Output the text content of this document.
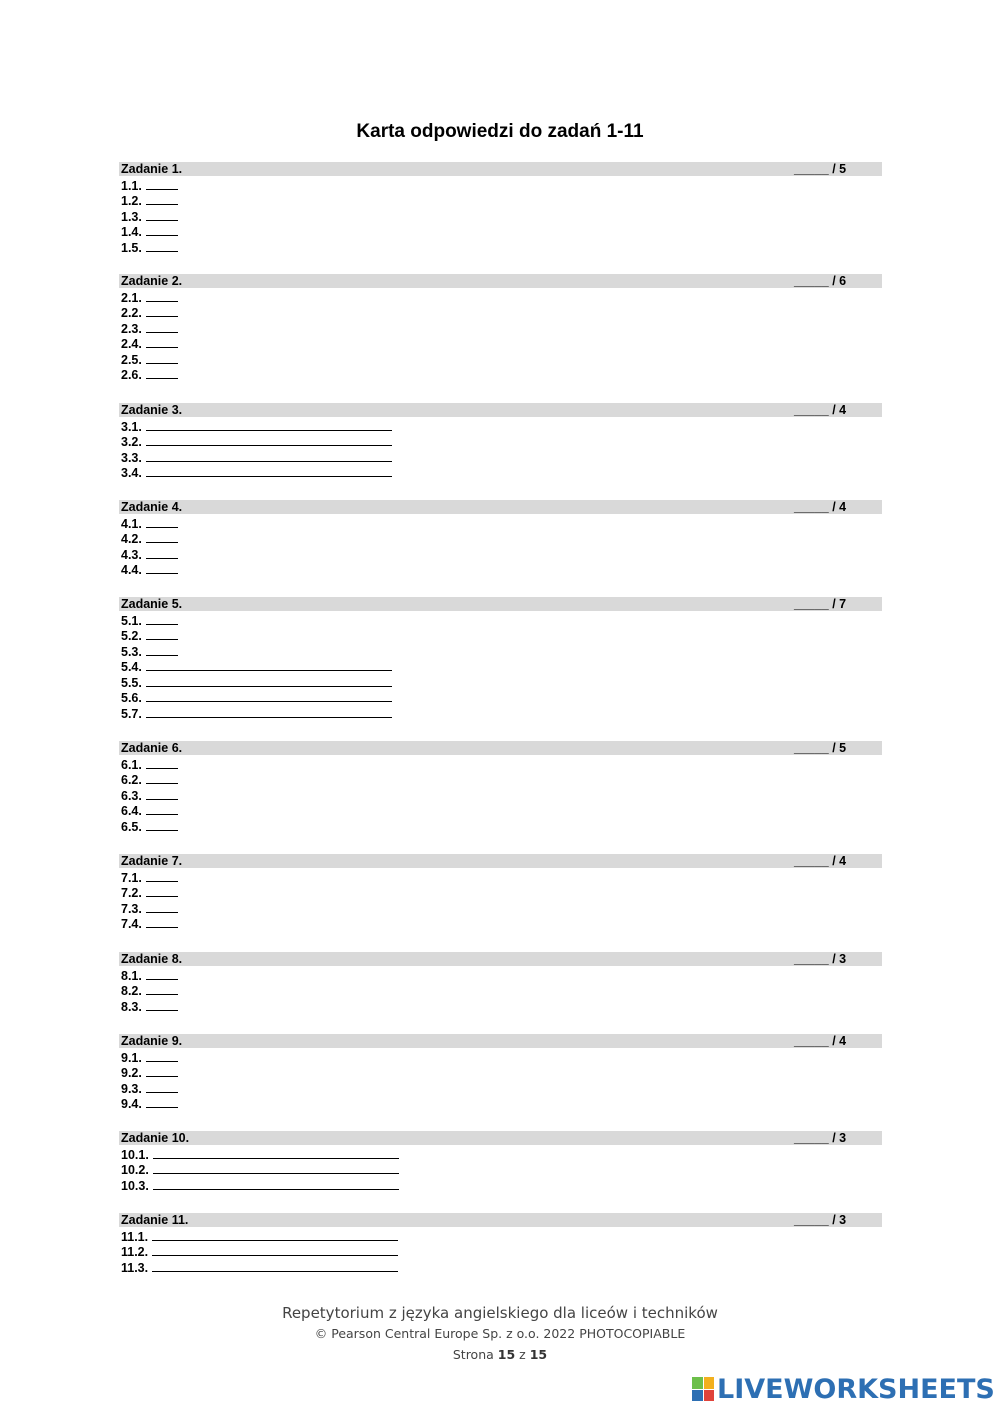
Karta odpowiedzi do zadań 1-11
Zadanie 1.	_____ / 5
1.1.
1.2.
1.3.
1.4.
1.5.
Zadanie 2.	_____ / 6
2.1.
2.2.
2.3.
2.4.
2.5.
2.6.
Zadanie 3.	_____ / 4
3.1.
3.2.
3.3.
3.4.
Zadanie 4.	_____ / 4
4.1.
4.2.
4.3.
4.4.
Zadanie 5.	_____ / 7
5.1.
5.2.
5.3.
5.4.
5.5.
5.6.
5.7.
Zadanie 6.	_____ / 5
6.1.
6.2.
6.3.
6.4.
6.5.
Zadanie 7.	_____ / 4
7.1.
7.2.
7.3.
7.4.
Zadanie 8.	_____ / 3
8.1.
8.2.
8.3.
Zadanie 9.	_____ / 4
9.1.
9.2.
9.3.
9.4.
Zadanie 10.	_____ / 3
10.1.
10.2.
10.3.
Zadanie 11.	_____ / 3
11.1.
11.2.
11.3.
Repetytorium z języka angielskiego dla liceów i techników
© Pearson Central Europe Sp. z o.o. 2022 PHOTOCOPIABLE
Strona 15 z 15
LIVEWORKSHEETS
